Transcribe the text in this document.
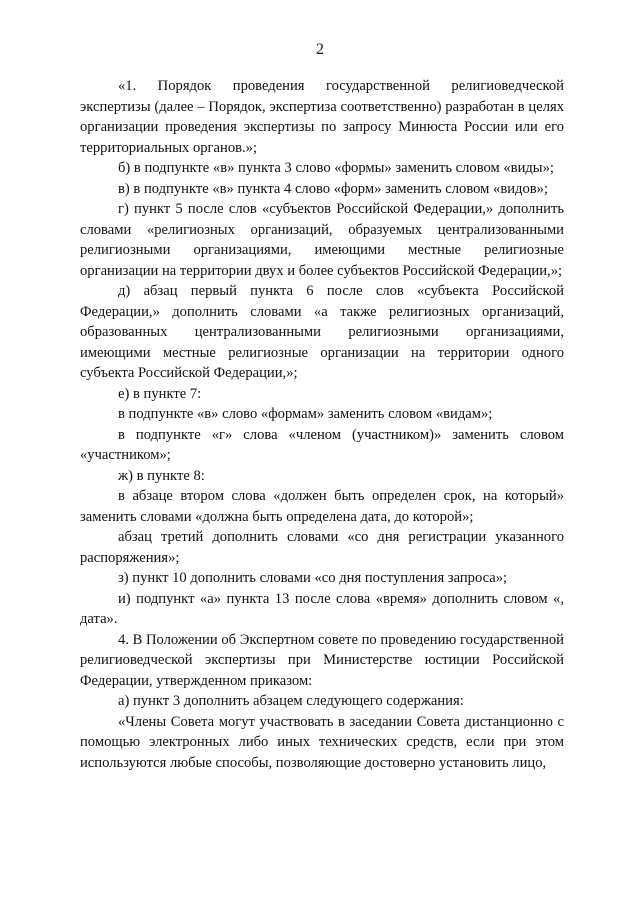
2

«1. Порядок проведения государственной религиоведческой экспертизы (далее – Порядок, экспертиза соответственно) разработан в целях организации проведения экспертизы по запросу Минюста России или его территориальных органов.»;

б) в подпункте «в» пункта 3 слово «формы» заменить словом «виды»;

в) в подпункте «в» пункта 4 слово «форм» заменить словом «видов»;

г) пункт 5 после слов «субъектов Российской Федерации,» дополнить словами «религиозных организаций, образуемых централизованными религиозными организациями, имеющими местные религиозные организации на территории двух и более субъектов Российской Федерации,»;

д) абзац первый пункта 6 после слов «субъекта Российской Федерации,» дополнить словами «а также религиозных организаций, образованных централизованными религиозными организациями, имеющими местные религиозные организации на территории одного субъекта Российской Федерации,»;

е) в пункте 7:

в подпункте «в» слово «формам» заменить словом «видам»;

в подпункте «г» слова «членом (участником)» заменить словом «участником»;

ж) в пункте 8:

в абзаце втором слова «должен быть определен срок, на который» заменить словами «должна быть определена дата, до которой»;

абзац третий дополнить словами «со дня регистрации указанного распоряжения»;

з) пункт 10 дополнить словами «со дня поступления запроса»;

и) подпункт «а» пункта 13 после слова «время» дополнить словом «, дата».

4. В Положении об Экспертном совете по проведению государственной религиоведческой экспертизы при Министерстве юстиции Российской Федерации, утвержденном приказом:

а) пункт 3 дополнить абзацем следующего содержания:

«Члены Совета могут участвовать в заседании Совета дистанционно с помощью электронных либо иных технических средств, если при этом используются любые способы, позволяющие достоверно установить лицо,
